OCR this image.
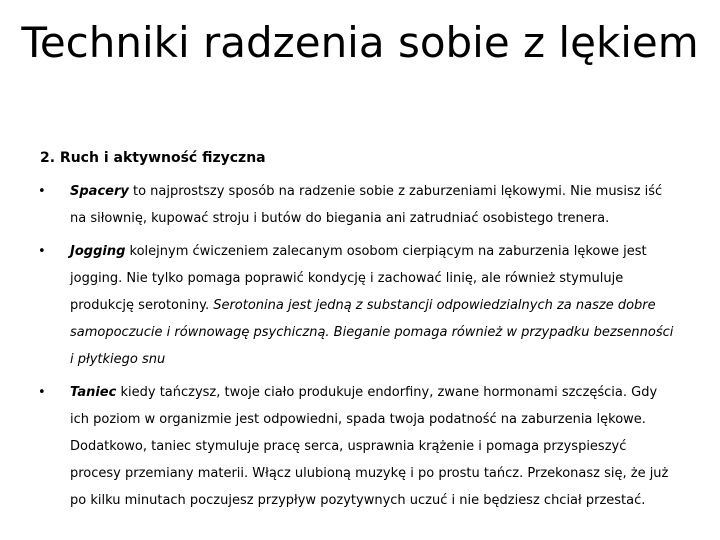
Techniki radzenia sobie z lękiem

2. Ruch i aktywność fizyczna

• Spacery to najprostszy sposób na radzenie sobie z zaburzeniami lękowymi. Nie musisz iść na siłownię, kupować stroju i butów do biegania ani zatrudniać osobistego trenera.
• Jogging kolejnym ćwiczeniem zalecanym osobom cierpiącym na zaburzenia lękowe jest jogging. Nie tylko pomaga poprawić kondycję i zachować linię, ale również stymuluje produkcję serotoniny. Serotonina jest jedną z substancji odpowiedzialnych za nasze dobre samopoczucie i równowagę psychiczną. Bieganie pomaga również w przypadku bezsenności i płytkiego snu
• Taniec kiedy tańczysz, twoje ciało produkuje endorfiny, zwane hormonami szczęścia. Gdy ich poziom w organizmie jest odpowiedni, spada twoja podatność na zaburzenia lękowe. Dodatkowo, taniec stymuluje pracę serca, usprawnia krążenie i pomaga przyspieszyć procesy przemiany materii. Włącz ulubioną muzykę i po prostu tańcz. Przekonasz się, że już po kilku minutach poczujesz przypływ pozytywnych uczuć i nie będziesz chciał przestać.
